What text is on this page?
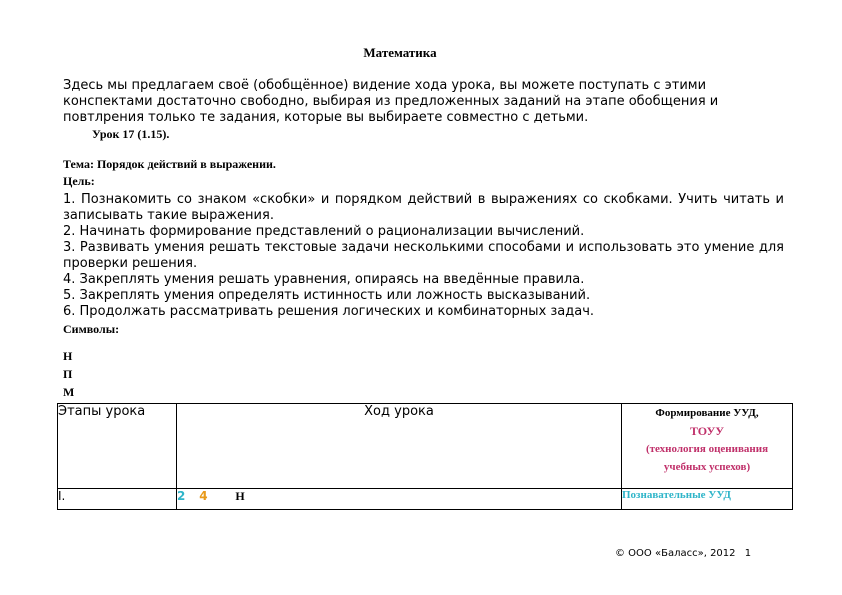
Математика
Здесь мы предлагаем своё (обобщённое) видение хода урока, вы можете поступать с этими конспектами достаточно свободно, выбирая из предложенных заданий на этапе обобщения и повтлрения только те задания, которые вы выбираете совместно с детьми.
Урок 17 (1.15).
Тема: Порядок действий в выражении.
Цель:

1. Познакомить со знаком «скобки» и порядком действий в выражениях со скобками. Учить читать и записывать такие выражения.

2. Начинать формирование представлений о рационализации вычислений.

3. Развивать умения решать текстовые задачи несколькими способами и использовать это умение для проверки решения.

4. Закреплять умения решать уравнения, опираясь на введённые правила.

5. Закреплять умения определять истинность или ложность высказываний.

6. Продолжать рассматривать решения логических и комбинаторных задач.

Символы:
Н
П
М
Этапы урока	Ход урока	Формирование УУД,
ТОУУ
(технология оценивания
учебных успехов)

I.	2 4 Н	Познавательные УУД
© ООО «Баласс», 2012 1
